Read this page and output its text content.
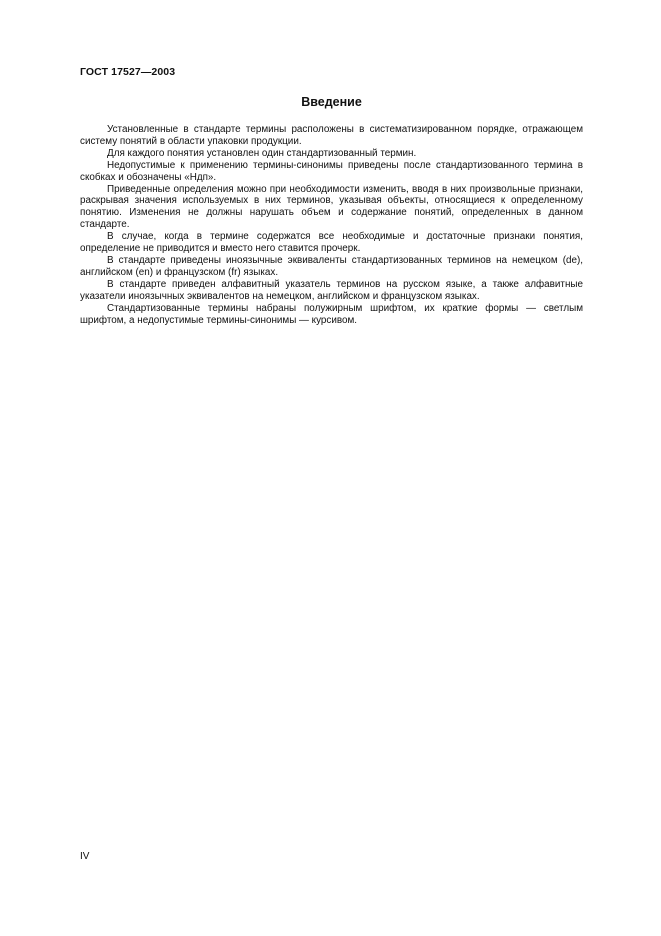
ГОСТ 17527—2003
Введение

Установленные в стандарте термины расположены в систематизированном порядке, отражающем систему понятий в области упаковки продукции.

Для каждого понятия установлен один стандартизованный термин.

Недопустимые к применению термины-синонимы приведены после стандартизованного термина в скобках и обозначены «Ндп».

Приведенные определения можно при необходимости изменить, вводя в них произвольные признаки, раскрывая значения используемых в них терминов, указывая объекты, относящиеся к определенному понятию. Изменения не должны нарушать объем и содержание понятий, определенных в данном стандарте.

В случае, когда в термине содержатся все необходимые и достаточные признаки понятия, определение не приводится и вместо него ставится прочерк.

В стандарте приведены иноязычные эквиваленты стандартизованных терминов на немецком (de), английском (en) и французском (fr) языках.

В стандарте приведен алфавитный указатель терминов на русском языке, а также алфавитные указатели иноязычных эквивалентов на немецком, английском и французском языках.

Стандартизованные термины набраны полужирным шрифтом, их краткие формы — светлым шрифтом, а недопустимые термины-синонимы — курсивом.

IV
